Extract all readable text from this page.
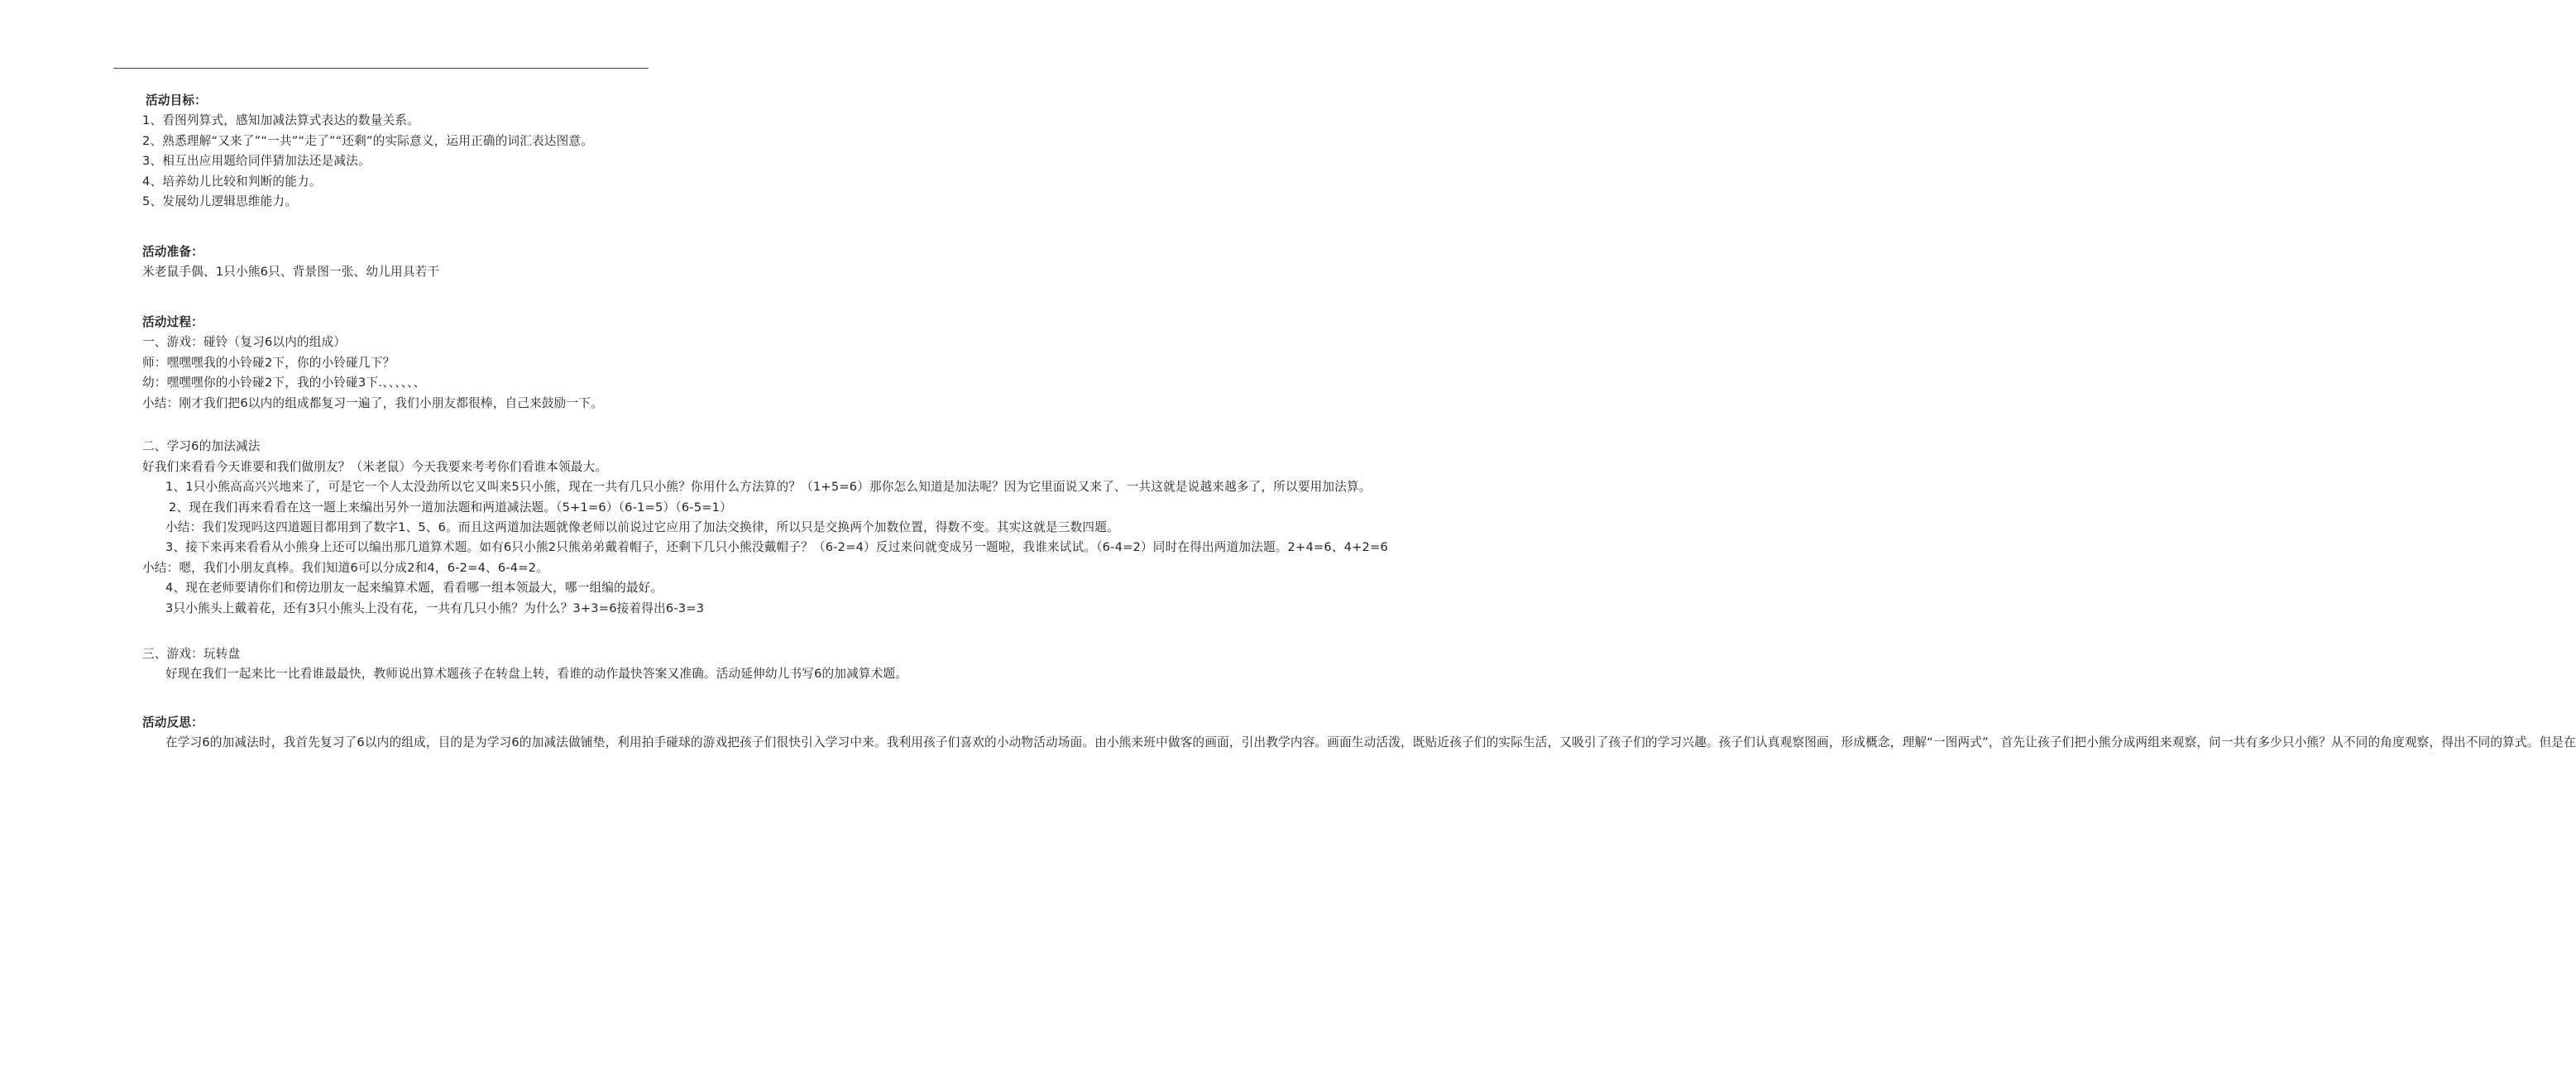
活动目标：

1、看图列算式，感知加减法算式表达的数量关系。

2、熟悉理解“又来了”“一共”“走了”“还剩”的实际意义，运用正确的词汇表达图意。

3、相互出应用题给同伴猜加法还是减法。

4、培养幼儿比较和判断的能力。

5、发展幼儿逻辑思维能力。

活动准备：

米老鼠手偶、1只小熊6只、背景图一张、幼儿用具若干

活动过程：

一、游戏：碰铃（复习6以内的组成）

师：嘿嘿嘿我的小铃碰2下，你的小铃碰几下？

幼：嘿嘿嘿你的小铃碰2下，我的小铃碰3下.、、、、、、

小结：刚才我们把6以内的组成都复习一遍了，我们小朋友都很棒，自己来鼓励一下。

二、学习6的加法减法

好我们来看看今天谁要和我们做朋友？（米老鼠）今天我要来考考你们看谁本领最大。

1、1只小熊高高兴兴地来了，可是它一个人太没劲所以它又叫来5只小熊，现在一共有几只小熊？你用什么方法算的？（1+5=6）那你怎么知道是加法呢？因为它里面说又来了、一共这就是说越来越多了，所以要用加法算。

2、现在我们再来看看在这一题上来编出另外一道加法题和两道减法题。（5+1=6）（6-1=5）（6-5=1）

小结：我们发现吗这四道题目都用到了数字1、5、6。而且这两道加法题就像老师以前说过它应用了加法交换律，所以只是交换两个加数位置，得数不变。其实这就是三数四题。

3、接下来再来看看从小熊身上还可以编出那几道算术题。如有6只小熊2只熊弟弟戴着帽子，还剩下几只小熊没戴帽子？（6-2=4）反过来问就变成另一题啦，我谁来试试。（6-4=2）同时在得出两道加法题。2+4=6、4+2=6

小结：嗯，我们小朋友真棒。我们知道6可以分成2和4，6-2=4、6-4=2。

4、现在老师要请你们和傍边朋友一起来编算术题，看看哪一组本领最大，哪一组编的最好。

3只小熊头上戴着花，还有3只小熊头上没有花，一共有几只小熊？为什么？3+3=6接着得出6-3=3

三、游戏：玩转盘

好现在我们一起来比一比看谁最最快，教师说出算术题孩子在转盘上转，看谁的动作最快答案又准确。活动延伸幼儿书写6的加减算术题。

活动反思：

在学习6的加减法时，我首先复习了6以内的组成，目的是为学习6的加减法做铺垫，利用拍手碰球的游戏把孩子们很快引入学习中来。我利用孩子们喜欢的小动物活动场面。由小熊来班中做客的画面，引出教学内容。画面生动活泼，既贴近孩子们的实际生活，又吸引了孩子们的学习兴趣。孩子们认真观察图画，形成概念，理解“一图两式”，首先让孩子们把小熊分成两组来观察，问一共有多少只小熊？从不同的角度观察，得出不同的算式。但是在
